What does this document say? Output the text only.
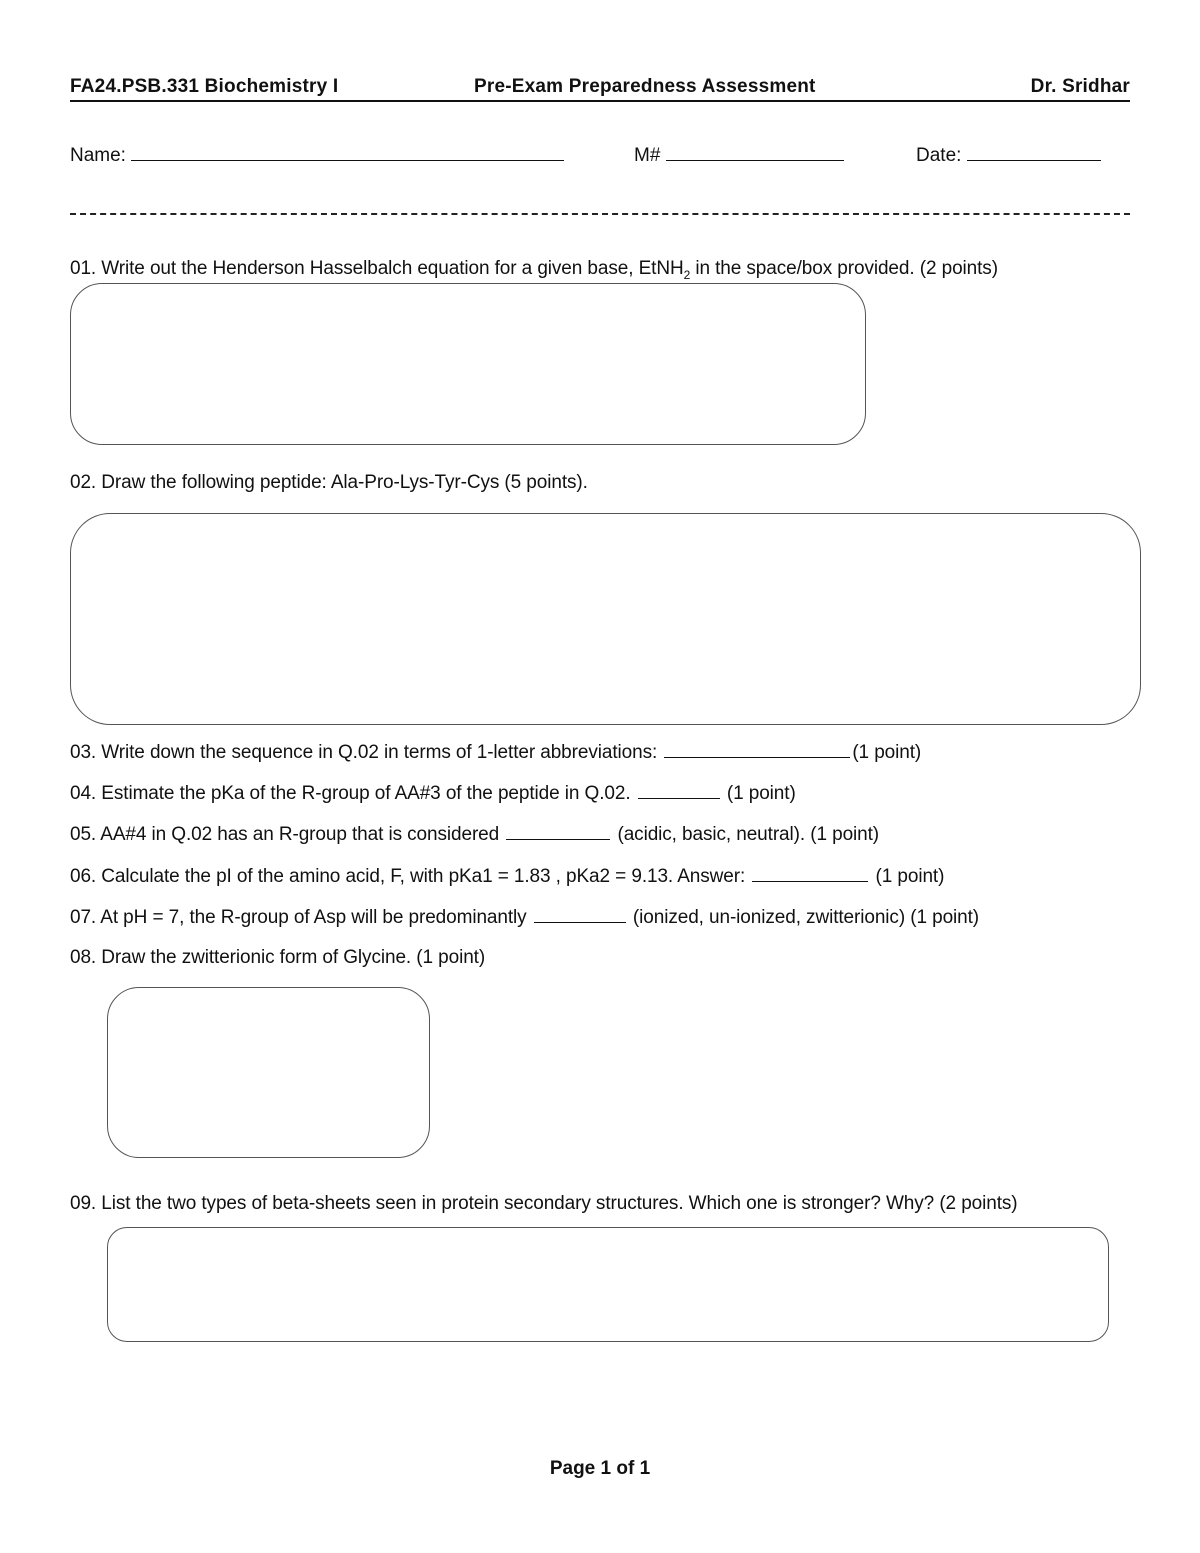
FA24.PSB.331 Biochemistry I	Pre-Exam Preparedness Assessment	Dr. Sridhar
Name:	M#	Date:
01. Write out the Henderson Hasselbalch equation for a given base, EtNH$_2$ in the space/box provided. (2 points)
02. Draw the following peptide: Ala-Pro-Lys-Tyr-Cys (5 points).
03. Write down the sequence in Q.02 in terms of 1-letter abbreviations:	(1 point)
04. Estimate the pKa of the R-group of AA#3 of the peptide in Q.02.	(1 point)
05. AA#4 in Q.02 has an R-group that is considered	(acidic, basic, neutral). (1 point)
06. Calculate the pI of the amino acid, F, with pKa1 = 1.83 , pKa2 = 9.13. Answer:	(1 point)
07. At pH = 7, the R-group of Asp will be predominantly	(ionized, un-ionized, zwitterionic) (1 point)
08. Draw the zwitterionic form of Glycine. (1 point)
09. List the two types of beta-sheets seen in protein secondary structures. Which one is stronger? Why? (2 points)
Page 1 of 1
